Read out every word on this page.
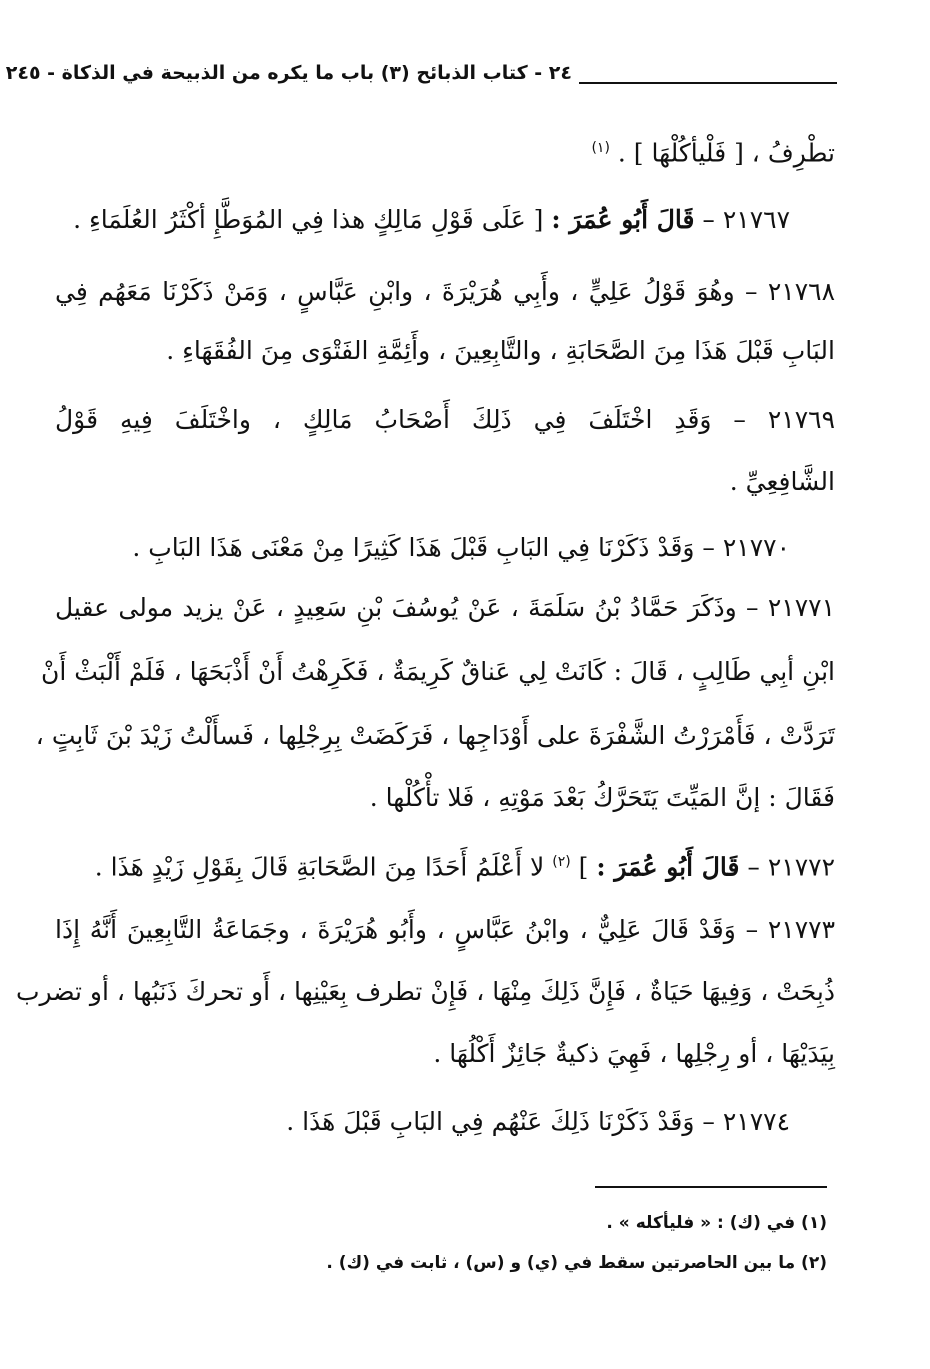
٢٤ - كتاب الذبائح (٣) باب ما يكره من الذبيحة في الذكاة - ٢٤٥
تطْرِفُ ، [ فَلْيأكُلْهَا ] . $^{(١)}$
٢١٧٦٧ – قَالَ أَبُو عُمَرَ : [ عَلَى قَوْلِ مَالِكٍ هذا فِي المُوَطَّإِ أكْثَرُ العُلَمَاءِ .
٢١٧٦٨ – وهُوَ قَوْلُ عَلِيٍّ ، وأَبِي هُرَيْرَةَ ، وابْنِ عَبَّاسٍ ، وَمَنْ ذَكَرْنَا مَعَهُم فِي
البَابِ قَبْلَ هَذَا مِنَ الصَّحَابَةِ ، والتَّابِعِينَ ، وأَئِمَّةِ الفَتْوَى مِنَ الفُقَهَاءِ .
٢١٧٦٩ – وَقَدِ اخْتَلَفَ فِي ذَلِكَ أَصْحَابُ مَالِكٍ ، واخْتَلَفَ فِيهِ قَوْلُ
الشَّافِعِيِّ .
٢١٧٧٠ – وَقَدْ ذَكَرْنَا فِي البَابِ قَبْلَ هَذَا كَثِيرًا مِنْ مَعْنَى هَذَا البَابِ .
٢١٧٧١ – وذَكَرَ حَمَّادُ بْنُ سَلَمَةَ ، عَنْ يُوسُفَ بْنِ سَعِيدٍ ، عَنْ يزيد مولى عقيل
ابْنِ أبِي طَالِبٍ ، قَالَ : كَانَتْ لِي عَناقٌ كَرِيمَةٌ ، فَكَرِهْتُ أَنْ أَذْبَحَهَا ، فَلَمْ أَلْبَثْ أَنْ
تَرَدَّتْ ، فَأَمْرَرْتُ الشَّفْرَةَ على أَوْدَاجِها ، فَرَكَضَتْ بِرِجْلِها ، فَسأَلْتُ زَيْدَ بْنَ ثَابِتٍ ،
فَقَالَ : إنَّ المَيِّتَ يَتَحَرَّكُ بَعْدَ مَوْتِهِ ، فَلا تأْكُلْها .
٢١٧٧٢ – قَالَ أَبُو عُمَرَ : ] $^{(٢)}$ لا أَعْلَمُ أَحَدًا مِنَ الصَّحَابَةِ قَالَ بِقَوْلِ زَيْدٍ هَذَا .
٢١٧٧٣ – وَقَدْ قَالَ عَلِيٌّ ، وابْنُ عَبَّاسٍ ، وأَبُو هُرَيْرَةَ ، وجَمَاعَةُ التَّابِعِينَ أَنَّهُ إِذَا
ذُبِحَتْ ، وَفِيهَا حَيَاةٌ ، فَإِنَّ ذَلِكَ مِنْهَا ، فَإِنْ تطرف بِعَيْنِها ، أَو تحركَ ذَنَبُها ، أو تضرب
بِيَدَيْهَا ، أو رِجْلِها ، فَهِيَ ذكيةٌ جَائِزٌ أَكْلُهَا .
٢١٧٧٤ – وَقَدْ ذَكَرْنَا ذَلِكَ عَنْهُم فِي البَابِ قَبْلَ هَذَا .
(١) في (ك) : « فليأكله » .
(٢) ما بين الحاصرتين سقط في (ي) و (س) ، ثابت في (ك) .
